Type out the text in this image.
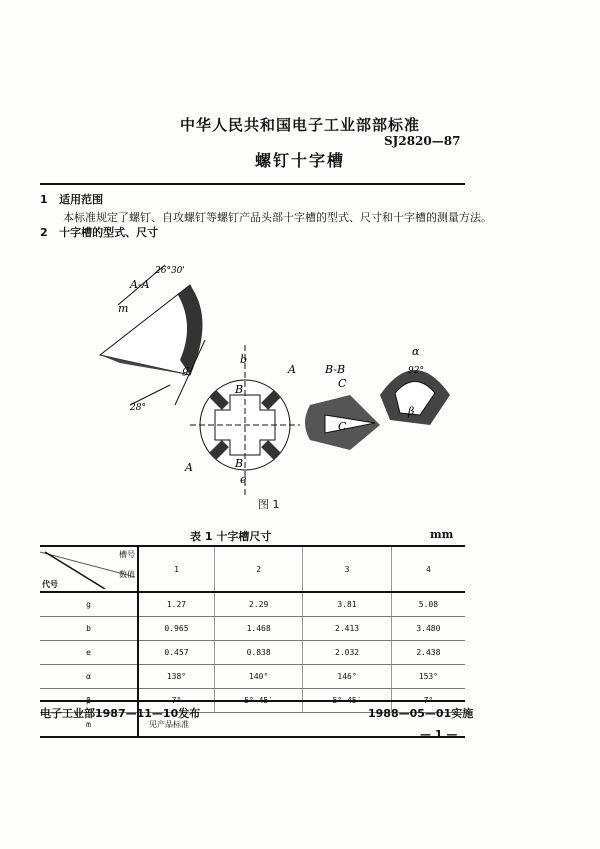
中华人民共和国电子工业部部标准
SJ2820—87
螺钉十字槽
1 适用范围
本标准规定了螺钉、自攻螺钉等螺钉产品头部十字槽的型式、尺寸和十字槽的测量方法。
2 十字槽的型式、尺寸
A-A
26°30'
m
g
28°
b
B
B
A
A
e
B-B
C
C
α
92°
β
图 1
表 1 十字槽尺寸	mm
槽号
数值
代号	1	2	3	4
g	1.27	2.29	3.81	5.08
b	0.965	1.468	2.413	3.480
e	0.457	0.838	2.032	2.438
α	138°	140°	146°	153°
β	7°	5° 45′	5° 45′	7°
m	见产品标准			
电子工业部1987—11—10发布	1988—05—01实施
— 1 —
